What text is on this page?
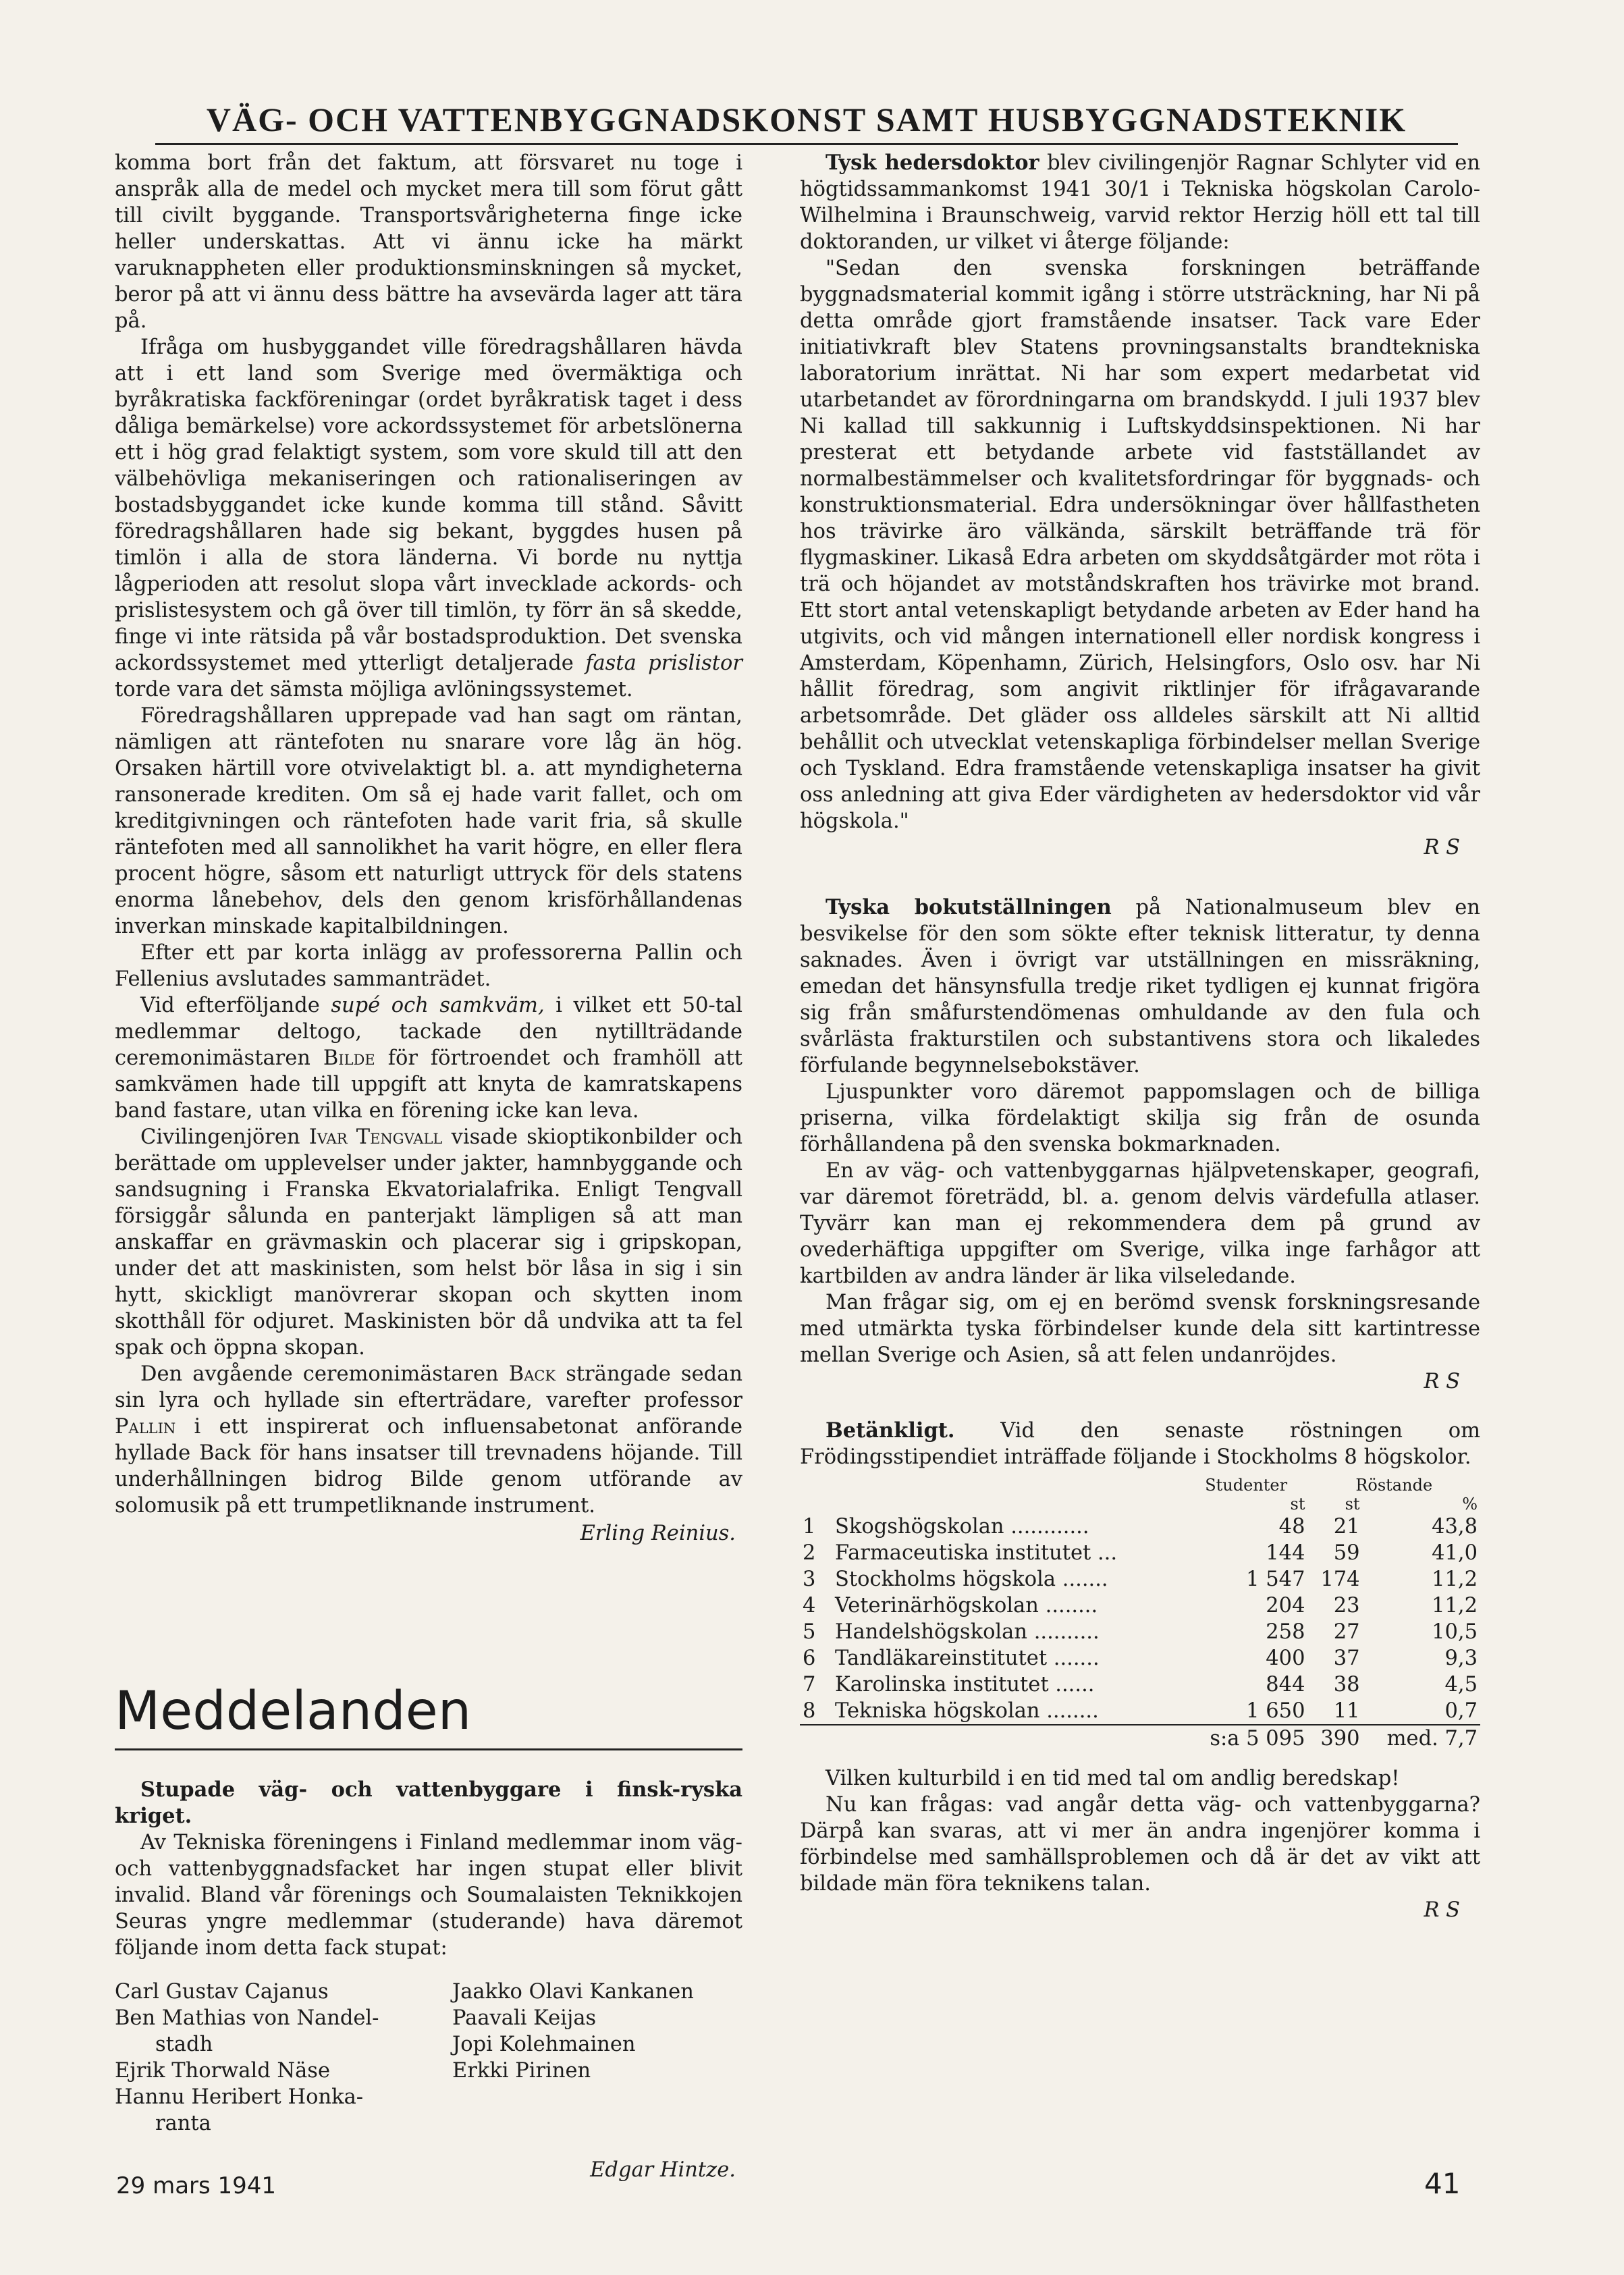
VÄG- OCH VATTENBYGGNADSKONST SAMT HUSBYGGNADSTEKNIK

komma bort från det faktum, att försvaret nu toge i anspråk alla de medel och mycket mera till som förut gått till civilt byggande. Transportsvårigheterna finge icke heller underskattas. Att vi ännu icke ha märkt varuknappheten eller produktionsminskningen så mycket, beror på att vi ännu dess bättre ha avsevärda lager att tära på.

Ifråga om husbyggandet ville föredragshållaren hävda att i ett land som Sverige med övermäktiga och byråkratiska fackföreningar (ordet byråkratisk taget i dess dåliga bemärkelse) vore ackordssystemet för arbetslönerna ett i hög grad felaktigt system, som vore skuld till att den välbehövliga mekaniseringen och rationaliseringen av bostadsbyggandet icke kunde komma till stånd. Såvitt föredragshållaren hade sig bekant, byggdes husen på timlön i alla de stora länderna. Vi borde nu nyttja lågperioden att resolut slopa vårt invecklade ackords- och prislistesystem och gå över till timlön, ty förr än så skedde, finge vi inte rätsida på vår bostadsproduktion. Det svenska ackordssystemet med ytterligt detaljerade fasta prislistor torde vara det sämsta möjliga avlöningssystemet.

Föredragshållaren upprepade vad han sagt om räntan, nämligen att räntefoten nu snarare vore låg än hög. Orsaken härtill vore otvivelaktigt bl. a. att myndigheterna ransonerade krediten. Om så ej hade varit fallet, och om kreditgivningen och räntefoten hade varit fria, så skulle räntefoten med all sannolikhet ha varit högre, en eller flera procent högre, såsom ett naturligt uttryck för dels statens enorma lånebehov, dels den genom krisförhållandenas inverkan minskade kapitalbildningen.

Efter ett par korta inlägg av professorerna Pallin och Fellenius avslutades sammanträdet.

Vid efterföljande supé och samkväm, i vilket ett 50-tal medlemmar deltogo, tackade den nytillträdande ceremonimästaren Bilde för förtroendet och framhöll att samkvämen hade till uppgift att knyta de kamratskapens band fastare, utan vilka en förening icke kan leva.

Civilingenjören Ivar Tengvall visade skioptikonbilder och berättade om upplevelser under jakter, hamnbyggande och sandsugning i Franska Ekvatorialafrika. Enligt Tengvall försiggår sålunda en panterjakt lämpligen så att man anskaffar en grävmaskin och placerar sig i gripskopan, under det att maskinisten, som helst bör låsa in sig i sin hytt, skickligt manövrerar skopan och skytten inom skotthåll för odjuret. Maskinisten bör då undvika att ta fel spak och öppna skopan.

Den avgående ceremonimästaren Back strängade sedan sin lyra och hyllade sin efterträdare, varefter professor Pallin i ett inspirerat och influensabetonat anförande hyllade Back för hans insatser till trevnadens höjande. Till underhållningen bidrog Bilde genom utförande av solomusik på ett trumpetliknande instrument.

Erling Reinius.
Meddelanden

Stupade väg- och vattenbyggare i finsk-ryska kriget.

Av Tekniska föreningens i Finland medlemmar inom väg- och vattenbyggnadsfacket har ingen stupat eller blivit invalid. Bland vår förenings och Soumalaisten Teknikkojen Seuras yngre medlemmar (studerande) hava däremot följande inom detta fack stupat:

Carl Gustav Cajanus
Ben Mathias von Nandel-
stadh
Ejrik Thorwald Näse
Hannu Heribert Honka-
ranta
Jaakko Olavi Kankanen
Paavali Keijas
Jopi Kolehmainen
Erkki Pirinen
Edgar Hintze.

Tysk hedersdoktor blev civilingenjör Ragnar Schlyter vid en högtidssammankomst 1941 30/1 i Tekniska högskolan Carolo-Wilhelmina i Braunschweig, varvid rektor Herzig höll ett tal till doktoranden, ur vilket vi återge följande:

"Sedan den svenska forskningen beträffande byggnadsmaterial kommit igång i större utsträckning, har Ni på detta område gjort framstående insatser. Tack vare Eder initiativkraft blev Statens provningsanstalts brandtekniska laboratorium inrättat. Ni har som expert medarbetat vid utarbetandet av förordningarna om brandskydd. I juli 1937 blev Ni kallad till sakkunnig i Luftskyddsinspektionen. Ni har presterat ett betydande arbete vid fastställandet av normalbestämmelser och kvalitetsfordringar för byggnads- och konstruktionsmaterial. Edra undersökningar över hållfastheten hos trävirke äro välkända, särskilt beträffande trä för flygmaskiner. Likaså Edra arbeten om skyddsåtgärder mot röta i trä och höjandet av motståndskraften hos trävirke mot brand. Ett stort antal vetenskapligt betydande arbeten av Eder hand ha utgivits, och vid mången internationell eller nordisk kongress i Amsterdam, Köpenhamn, Zürich, Helsingfors, Oslo osv. har Ni hållit föredrag, som angivit riktlinjer för ifrågavarande arbetsområde. Det gläder oss alldeles särskilt att Ni alltid behållit och utvecklat vetenskapliga förbindelser mellan Sverige och Tyskland. Edra framstående vetenskapliga insatser ha givit oss anledning att giva Eder värdigheten av hedersdoktor vid vår högskola."

R S

Tyska bokutställningen på Nationalmuseum blev en besvikelse för den som sökte efter teknisk litteratur, ty denna saknades. Även i övrigt var utställningen en missräkning, emedan det hänsynsfulla tredje riket tydligen ej kunnat frigöra sig från småfurstendömenas omhuldande av den fula och svårlästa frakturstilen och substantivens stora och likaledes förfulande begynnelsebokstäver.

Ljuspunkter voro däremot pappomslagen och de billiga priserna, vilka fördelaktigt skilja sig från de osunda förhållandena på den svenska bokmarknaden.

En av väg- och vattenbyggarnas hjälpvetenskaper, geografi, var däremot företrädd, bl. a. genom delvis värdefulla atlaser. Tyvärr kan man ej rekommendera dem på grund av ovederhäftiga uppgifter om Sverige, vilka inge farhågor att kartbilden av andra länder är lika vilseledande.

Man frågar sig, om ej en berömd svensk forskningsresande med utmärkta tyska förbindelser kunde dela sitt kartintresse mellan Sverige och Asien, så att felen undanröjdes.

R S

Betänkligt. Vid den senaste röstningen om Frödingsstipendiet inträffade följande i Stockholms 8 högskolor.

		Studenter	Röstande	
		st	st	%
1	Skogshögskolan ............	48	21	43,8
2	Farmaceutiska institutet ...	144	59	41,0
3	Stockholms högskola .......	1 547	174	11,2
4	Veterinärhögskolan ........	204	23	11,2
5	Handelshögskolan ..........	258	27	10,5
6	Tandläkareinstitutet .......	400	37	9,3
7	Karolinska institutet ......	844	38	4,5
8	Tekniska högskolan ........	1 650	11	0,7
		s:a 5 095	390	med. 7,7

Vilken kulturbild i en tid med tal om andlig beredskap!

Nu kan frågas: vad angår detta väg- och vattenbyggarna? Därpå kan svaras, att vi mer än andra ingenjörer komma i förbindelse med samhällsproblemen och då är det av vikt att bildade män föra teknikens talan.

R S
29 mars 1941	41
